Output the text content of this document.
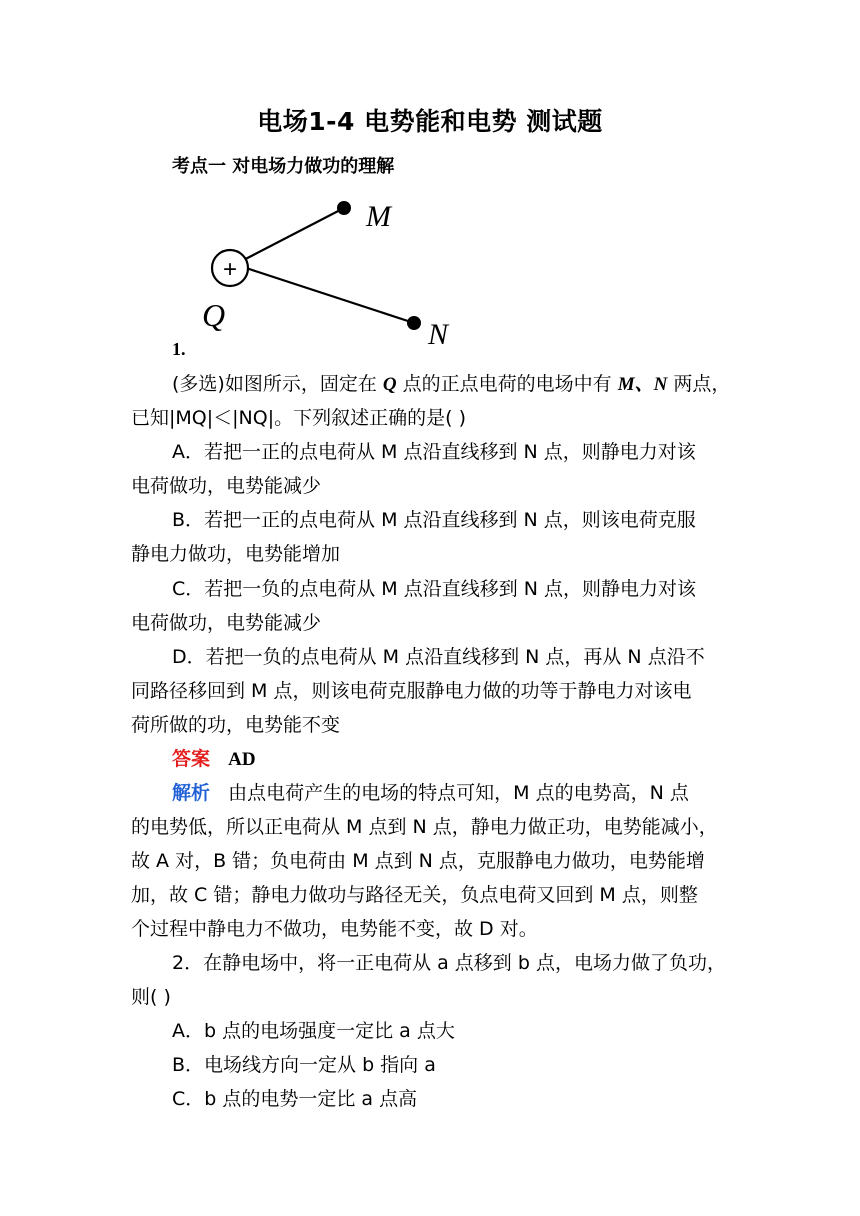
电场1-4 电势能和电势 测试题
考点一 对电场力做功的理解
+
M
N
Q
1.
(多选)如图所示，固定在 Q 点的正点电荷的电场中有 M、N 两点，
已知|MQ|＜|NQ|。下列叙述正确的是( )
A．若把一正的点电荷从 M 点沿直线移到 N 点，则静电力对该
电荷做功，电势能减少
B．若把一正的点电荷从 M 点沿直线移到 N 点，则该电荷克服
静电力做功，电势能增加
C．若把一负的点电荷从 M 点沿直线移到 N 点，则静电力对该
电荷做功，电势能减少
D．若把一负的点电荷从 M 点沿直线移到 N 点，再从 N 点沿不
同路径移回到 M 点，则该电荷克服静电力做的功等于静电力对该电
荷所做的功，电势能不变
答案 AD
解析 由点电荷产生的电场的特点可知，M 点的电势高，N 点
的电势低，所以正电荷从 M 点到 N 点，静电力做正功，电势能减小，
故 A 对，B 错；负电荷由 M 点到 N 点，克服静电力做功，电势能增
加，故 C 错；静电力做功与路径无关，负点电荷又回到 M 点，则整
个过程中静电力不做功，电势能不变，故 D 对。
2．在静电场中，将一正电荷从 a 点移到 b 点，电场力做了负功，
则( )
A．b 点的电场强度一定比 a 点大
B．电场线方向一定从 b 指向 a
C．b 点的电势一定比 a 点高
